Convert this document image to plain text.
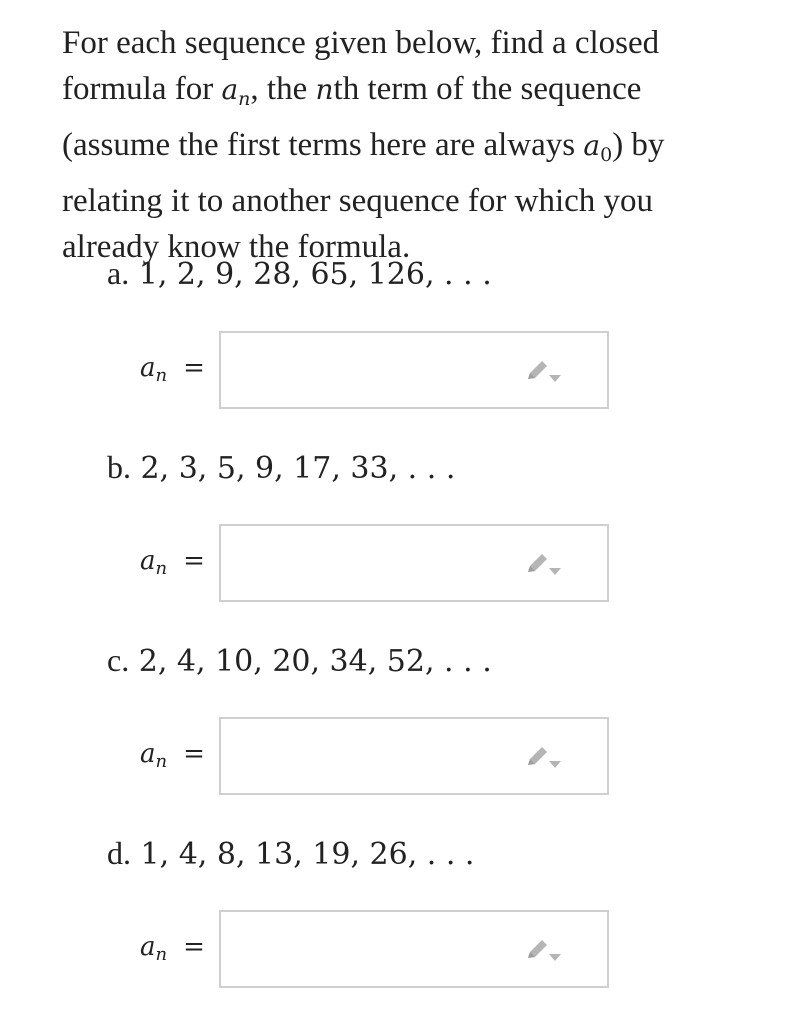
For each sequence given below, find a closed
formula for an, the nth term of the sequence
(assume the first terms here are always a0) by
relating it to another sequence for which you
already know the formula.
a. 1, 2, 9, 28, 65, 126, . . .
an =
b. 2, 3, 5, 9, 17, 33, . . .
an =
c. 2, 4, 10, 20, 34, 52, . . .
an =
d. 1, 4, 8, 13, 19, 26, . . .
an =
